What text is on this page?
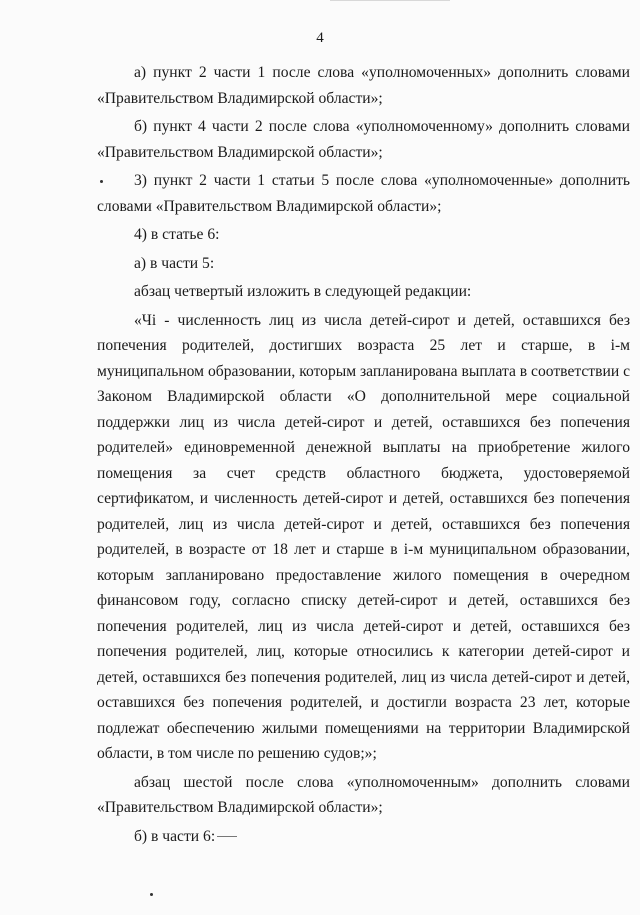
4

а) пункт 2 части 1 после слова «уполномоченных» дополнить словами «Правительством Владимирской области»;

б) пункт 4 части 2 после слова «уполномоченному» дополнить словами «Правительством Владимирской области»;

3) пункт 2 части 1 статьи 5 после слова «уполномоченные» дополнить словами «Правительством Владимирской области»;

4) в статье 6:

а) в части 5:

абзац четвертый изложить в следующей редакции:

«Чi - численность лиц из числа детей-сирот и детей, оставшихся без попечения родителей, достигших возраста 25 лет и старше, в i-м муниципальном образовании, которым запланирована выплата в соответствии с Законом Владимирской области «О дополнительной мере социальной поддержки лиц из числа детей-сирот и детей, оставшихся без попечения родителей» единовременной денежной выплаты на приобретение жилого помещения за счет средств областного бюджета, удостоверяемой сертификатом, и численность детей-сирот и детей, оставшихся без попечения родителей, лиц из числа детей-сирот и детей, оставшихся без попечения родителей, в возрасте от 18 лет и старше в i-м муниципальном образовании, которым запланировано предоставление жилого помещения в очередном финансовом году, согласно списку детей-сирот и детей, оставшихся без попечения родителей, лиц из числа детей-сирот и детей, оставшихся без попечения родителей, лиц, которые относились к категории детей-сирот и детей, оставшихся без попечения родителей, лиц из числа детей-сирот и детей, оставшихся без попечения родителей, и достигли возраста 23 лет, которые подлежат обеспечению жилыми помещениями на территории Владимирской области, в том числе по решению судов;»;

абзац шестой после слова «уполномоченным» дополнить словами «Правительством Владимирской области»;

б) в части 6:
